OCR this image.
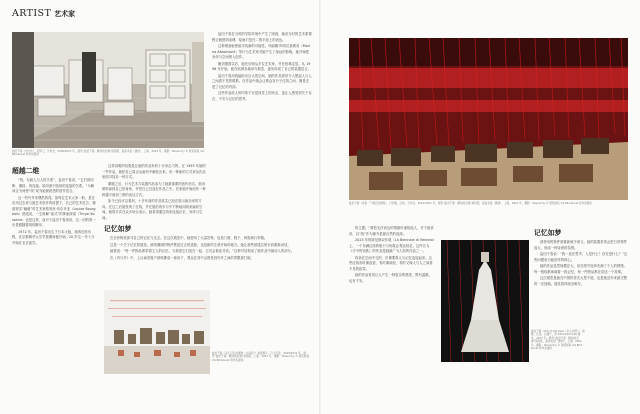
ARTIST 艺术家
盐田千春《内与外》，可移门，分布式，2009/2021 年，展览“盐田千春：颤动的灵魂”现场照，高美术馆（澳洲），上海，2021 年，摄影：Shaunchy © 展览版权 VG Bild-Kunst 和作家提供
超越二维

“线，勾画人与人的关系”，盐田千春说，“它们被切断、缠绕、再连接。如同那个隐形的连接的关系。”为解问这为何使“线”成为她最熟悉的创作语言。

这一符号并非偶然的得。如每位艺术大家一般，是在应用过去来与她艺术创作的前提下，自己的艺术语言，像被现实“触碰”时艺术家路易丝·布尔乔亚（Louise Bourgeois）描述说，一生般解“谜式”的事而探索（Tinyei Kosseira）也是这样，而对于盐田千春来说，这一切的第一步是跟随着线的脚步。

1972 年，盐田千春出生于日本大阪，她的创作历程，在京都精华大学学校期间便开始。20 岁这一年十分开始在北京留学。

这样说明的结果是让她的作品有时十分冲击力的。在 1993 年她的一件作品，她把自己真正从画布中解放出来。用一种新的方式来从作品里面寻找另一种方式。

紧随之后，行为艺术与装置作品成为了她最重要的创作形式。她用颜料涂抹自己的身体，并把自己沉浸在作品之中。后来她开始创作一种跨越平面到三维的表达方式。

如今已经可以看到，十多年前的作品其实已经在展示她未来的方向。在这之后她发现了红线，并在随后的岁月中不断地用线来编织空间。她曾多次在众多场合表示，她希望通过线来连接记忆、身体与空间。

盐田千春在当时的学院环境中产生了困惑，她说当时的艺术系课程让她感到束缚，绘画只是在二维平面上的表达。

这种困惑驱使她寻找新的可能性。玛丽娜·阿布拉莫维奇（Marina Abramović）等行为艺术家对她产生了深远的影响，她开始把身体与空间纳入创作。

搬到德国以后，她先后师从多位艺术家，并在柏林定居。从 1996 年开始，她在欧洲各地举办展览，逐步形成了自己的装置语言。

盐田千春用线编织出巨大的空间，她的作品常常令人想起人与人之间看不见的联系。在作品中她会让观众穿行于红线之间，像是走进了记忆的内部。

这些作品给人的印象不仅是视觉上的冲击，更让人感受到关于存在、不安与记忆的思考。

记忆如梦

在丢弃物里探寻自己的记忆与过去。在这次展览中，她使用了大量旧物，包括门窗、鞋子、钥匙和行李箱。

这是一个关于记忆的展览。被线缠绕的物件既是过去的遗留，也是新的生命开始的地方。她让那些被遗忘的东西重新说话。

她曾说：“每一件物品都带着主人的记忆，当我把它们放在一起，它们会彼此对话。”这种对话构成了她作品中最动人的部分。

在《内与外》中，上百扇旧窗户被堆叠成一座房子，观众在其中会感受到内外之间的界限被打破。

盐田千春《关于记忆的事物（小房间）》装置展示，尺寸可变，2019/2021 年，展览“盐田千春：颤动的灵魂”现场照，上海，2021 年，摄影：Shaunchy © 展览版权 VG Bild-Kunst 和作家提供
盐田千春《乘着一个难忘的旅程》，行李箱，红线，分布式，2014/2021 年，展览“盐田千春：颤动的灵魂”现场照，高美术馆（澳洲），上海，2021 年，摄影：Shaunchy © 展览版权 VG Bild-Kunst 和作家提供

的主题。”要把无法表达的情绪传递给他人，对于她来说，以“线”作为媒介是最自然的选择。

2015 年的威尼斯双年展（La Biennale di Venezia）上，一个布满红线的船只与钥匙让观众驻足。这件名为《手中的钥匙》的作品是她最广为人知的作品之一。

线条在空间中交织，仿佛要将人与记忆连接起来。这些红线有时像血管，有时像神经，有时又像人与人之间看不见的纽带。

她的作品常常让人产生一种复杂的感受，既有温暖，也有不安。

盐田千春《Out of the Dark（中心内部）》，铁框，红线，白裙子，约 180×120×120 厘米，2017 年，展览“盐田千春：颤动的灵魂”现场照，高美术馆（澳洲），上海，2021 年，摄影：Shaunchy © 展览版权 VG Bild-Kunst 和作家提供
记忆如梦

被使用的物件被重新赋予意义。她的装置常常会把日常物件放大，形成一种诗意的氛围。

盐田千春说：“我一直在思考，人是什么？存在是什么？”这些问题成为她创作的核心。

她的作品虽然规模宏大，但在细节处却充满了个人的情感。每一根线都承载着一段记忆，每一件物品都在讲述一个故事。

这次展览是她在中国的首次大型个展，也是她近年来最完整的一次回顾。展览将持续至明年。
